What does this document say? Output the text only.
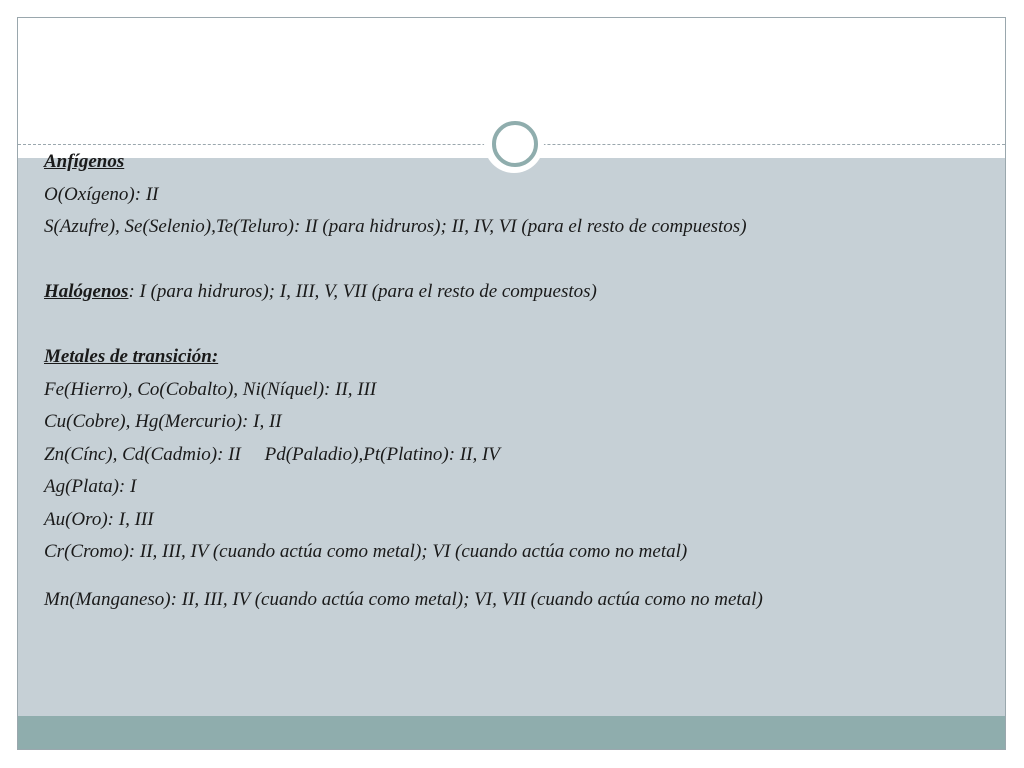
Anfígenos
O(Oxígeno): II
S(Azufre), Se(Selenio),Te(Teluro): II (para hidruros); II, IV, VI (para el resto de compuestos)
Halógenos: I (para hidruros); I, III, V, VII (para el resto de compuestos)
Metales de transición:
Fe(Hierro), Co(Cobalto), Ni(Níquel): II, III
Cu(Cobre), Hg(Mercurio): I, II
Zn(Cínc), Cd(Cadmio): II     Pd(Paladio),Pt(Platino): II, IV
Ag(Plata): I
Au(Oro): I, III
Cr(Cromo): II, III, IV (cuando actúa como metal); VI (cuando actúa como no metal)
Mn(Manganeso): II, III, IV (cuando actúa como metal); VI, VII (cuando actúa como no metal)
